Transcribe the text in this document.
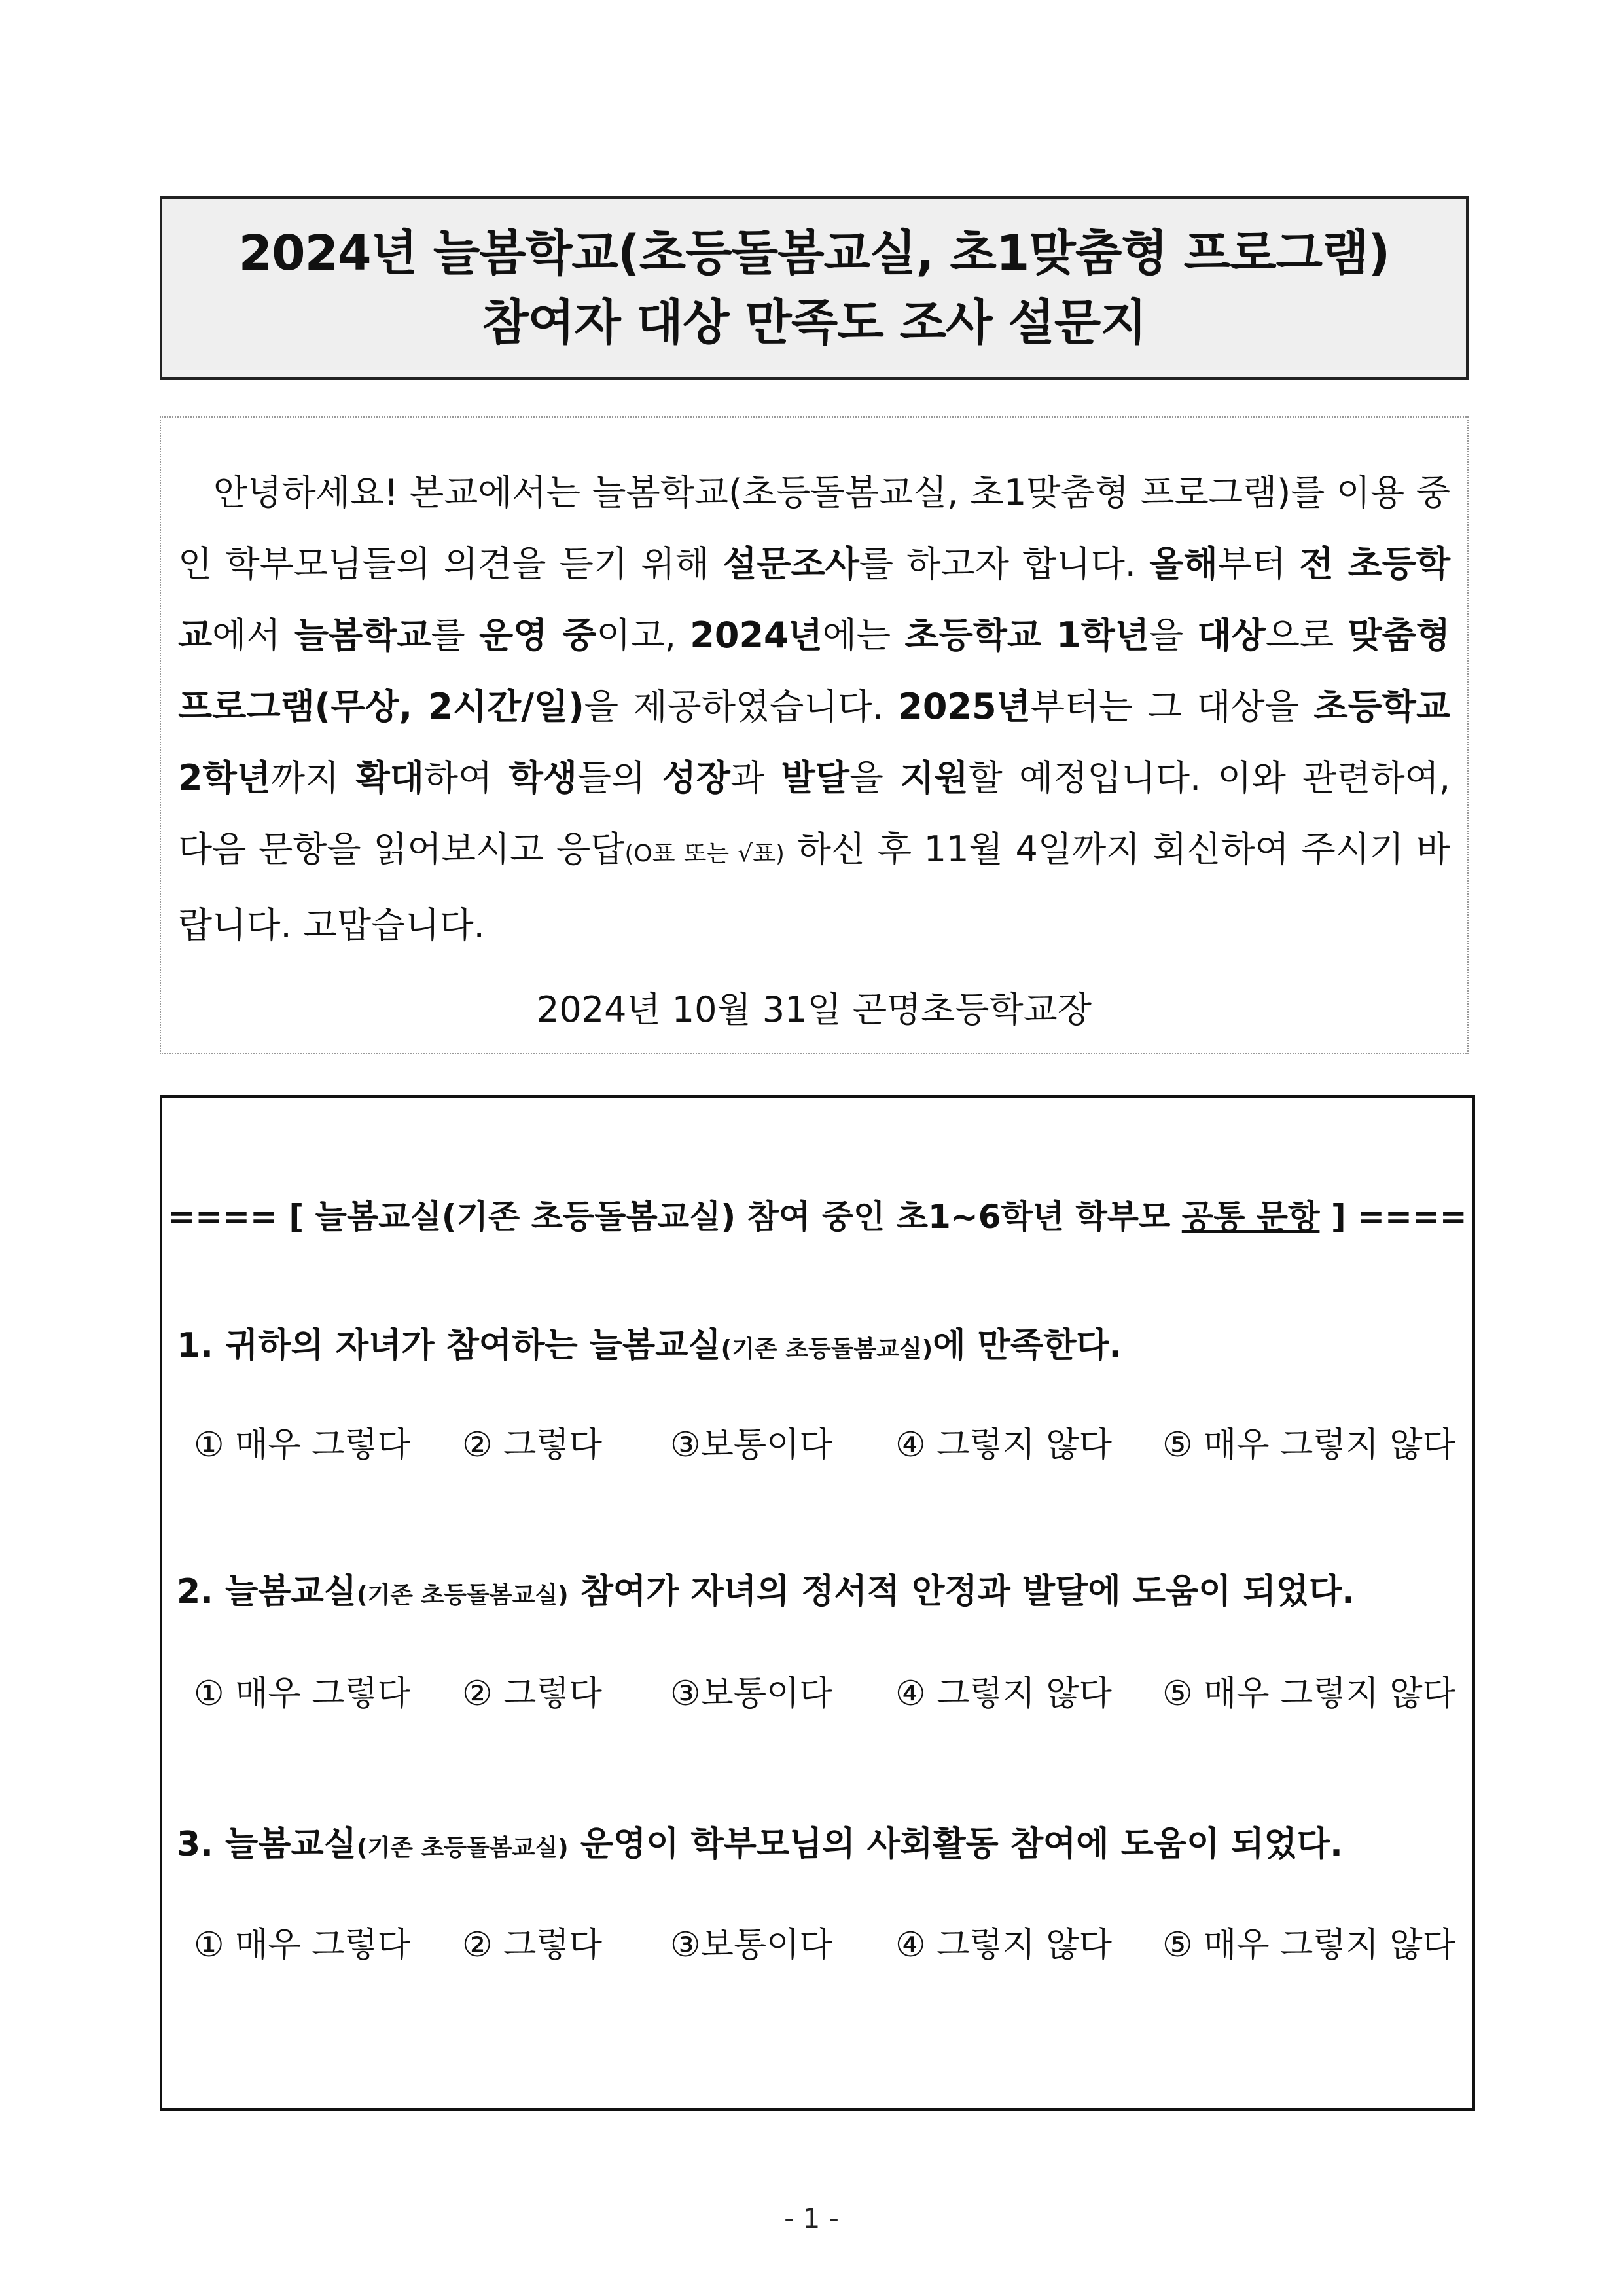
2024년 늘봄학교(초등돌봄교실, 초1맞춤형 프로그램)
참여자 대상 만족도 조사 설문지

 안녕하세요! 본교에서는 늘봄학교(초등돌봄교실, 초1맞춤형 프로그램)를 이용 중인 학부모님들의 의견을 듣기 위해 설문조사를 하고자 합니다. 올해부터 전 초등학교에서 늘봄학교를 운영 중이고, 2024년에는 초등학교 1학년을 대상으로 맞춤형 프로그램(무상, 2시간/일)을 제공하였습니다. 2025년부터는 그 대상을 초등학교 2학년까지 확대하여 학생들의 성장과 발달을 지원할 예정입니다. 이와 관련하여, 다음 문항을 읽어보시고 응답(O표 또는 √표) 하신 후 11월 4일까지 회신하여 주시기 바랍니다. 고맙습니다.

2024년 10월 31일 곤명초등학교장
==== [ 늘봄교실(기존 초등돌봄교실) 참여 중인 초1~6학년 학부모 공통 문항 ] ====
1. 귀하의 자녀가 참여하는 늘봄교실(기존 초등돌봄교실)에 만족한다.
① 매우 그렇다 ② 그렇다 ③보통이다 ④ 그렇지 않다 ⑤ 매우 그렇지 않다
2. 늘봄교실(기존 초등돌봄교실) 참여가 자녀의 정서적 안정과 발달에 도움이 되었다.
① 매우 그렇다 ② 그렇다 ③보통이다 ④ 그렇지 않다 ⑤ 매우 그렇지 않다
3. 늘봄교실(기존 초등돌봄교실) 운영이 학부모님의 사회활동 참여에 도움이 되었다.
① 매우 그렇다 ② 그렇다 ③보통이다 ④ 그렇지 않다 ⑤ 매우 그렇지 않다
- 1 -
